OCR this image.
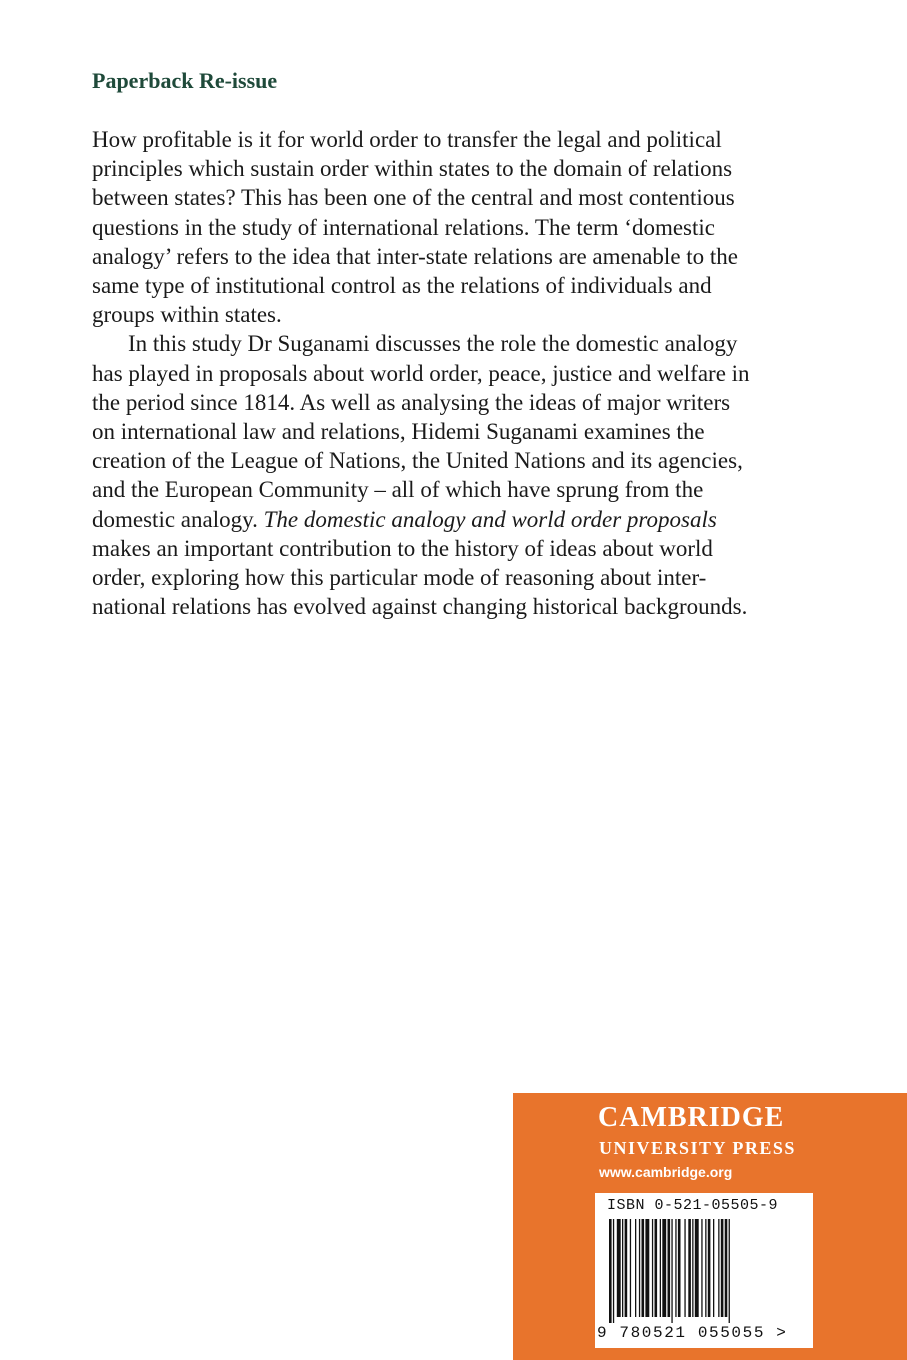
Paperback Re-issue

How profitable is it for world order to transfer the legal and political
principles which sustain order within states to the domain of relations
between states? This has been one of the central and most contentious
questions in the study of international relations. The term ‘domestic
analogy’ refers to the idea that inter-state relations are amenable to the
same type of institutional control as the relations of individuals and
groups within states.

In this study Dr Suganami discusses the role the domestic analogy
has played in proposals about world order, peace, justice and welfare in
the period since 1814. As well as analysing the ideas of major writers
on international law and relations, Hidemi Suganami examines the
creation of the League of Nations, the United Nations and its agencies,
and the European Community – all of which have sprung from the
domestic analogy. The domestic analogy and world order proposals
makes an important contribution to the history of ideas about world
order, exploring how this particular mode of reasoning about inter-
national relations has evolved against changing historical backgrounds.

CAMBRIDGE

UNIVERSITY PRESS

www.cambridge.org

ISBN 0-521-05505-9

9 780521 055055 >
